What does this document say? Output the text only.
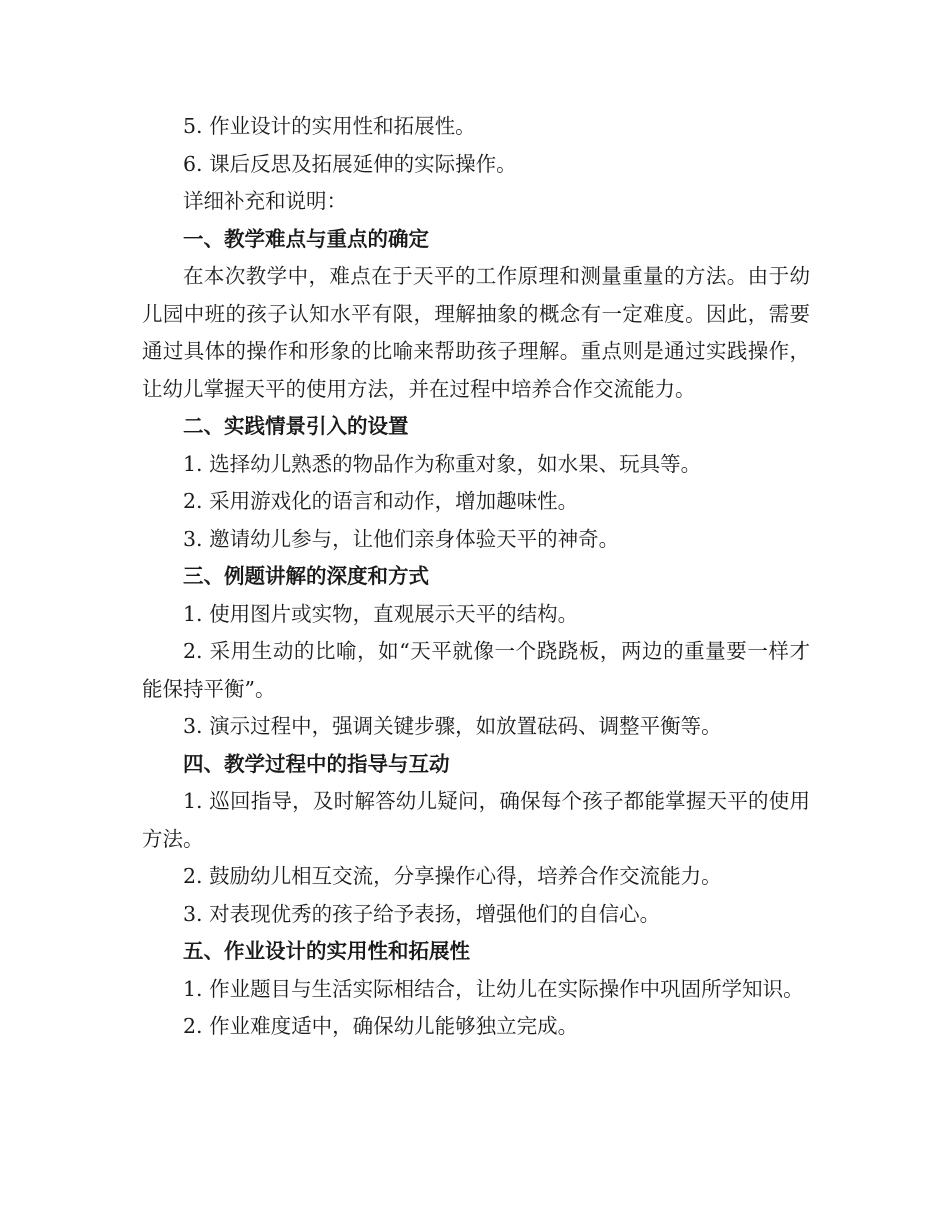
5. 作业设计的实用性和拓展性。

6. 课后反思及拓展延伸的实际操作。

详细补充和说明：

一、教学难点与重点的确定

在本次教学中，难点在于天平的工作原理和测量重量的方法。由于幼儿园中班的孩子认知水平有限，理解抽象的概念有一定难度。因此，需要通过具体的操作和形象的比喻来帮助孩子理解。重点则是通过实践操作，让幼儿掌握天平的使用方法，并在过程中培养合作交流能力。

二、实践情景引入的设置

1. 选择幼儿熟悉的物品作为称重对象，如水果、玩具等。

2. 采用游戏化的语言和动作，增加趣味性。

3. 邀请幼儿参与，让他们亲身体验天平的神奇。

三、例题讲解的深度和方式

1. 使用图片或实物，直观展示天平的结构。

2. 采用生动的比喻，如“天平就像一个跷跷板，两边的重量要一样才能保持平衡”。

3. 演示过程中，强调关键步骤，如放置砝码、调整平衡等。

四、教学过程中的指导与互动

1. 巡回指导，及时解答幼儿疑问，确保每个孩子都能掌握天平的使用方法。

2. 鼓励幼儿相互交流，分享操作心得，培养合作交流能力。

3. 对表现优秀的孩子给予表扬，增强他们的自信心。

五、作业设计的实用性和拓展性

1. 作业题目与生活实际相结合，让幼儿在实际操作中巩固所学知识。

2. 作业难度适中，确保幼儿能够独立完成。
